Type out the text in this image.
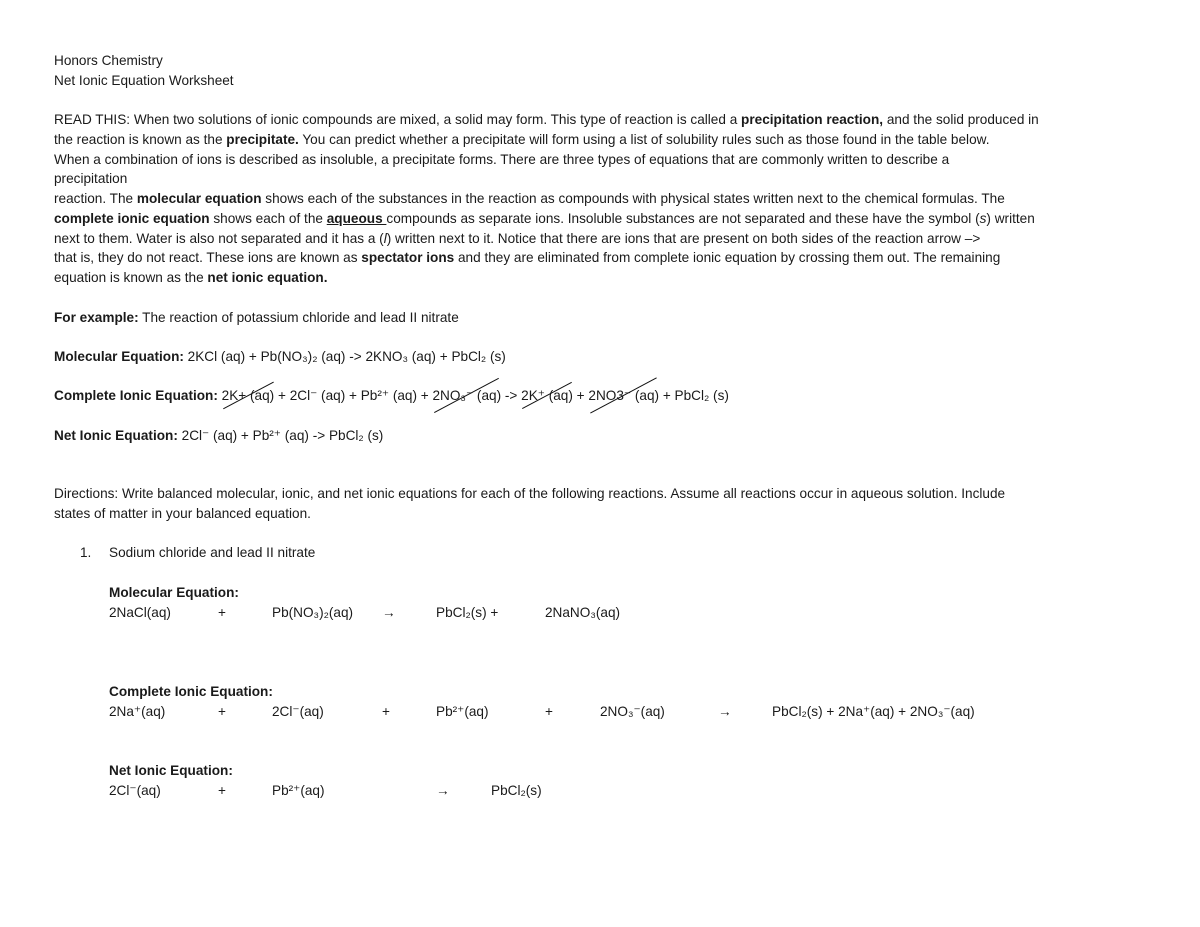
Honors Chemistry
Net Ionic Equation Worksheet
READ THIS: When two solutions of ionic compounds are mixed, a solid may form. This type of reaction is called a precipitation reaction, and the solid produced in
the reaction is known as the precipitate. You can predict whether a precipitate will form using a list of solubility rules such as those found in the table below.
When a combination of ions is described as insoluble, a precipitate forms. There are three types of equations that are commonly written to describe a
precipitation
reaction. The molecular equation shows each of the substances in the reaction as compounds with physical states written next to the chemical formulas. The
complete ionic equation shows each of the aqueous compounds as separate ions. Insoluble substances are not separated and these have the symbol (s) written
next to them. Water is also not separated and it has a (l) written next to it. Notice that there are ions that are present on both sides of the reaction arrow –>
that is, they do not react. These ions are known as spectator ions and they are eliminated from complete ionic equation by crossing them out. The remaining
equation is known as the net ionic equation.
For example: The reaction of potassium chloride and lead II nitrate
Molecular Equation: 2KCl (aq) + Pb(NO₃)₂ (aq) -> 2KNO₃ (aq) + PbCl₂ (s)
Complete Ionic Equation: 2K+ (aq) + 2Cl⁻ (aq) + Pb²⁺ (aq) + 2NO₃⁻ (aq) -> 2K⁺ (aq) + 2NO3⁻ (aq) + PbCl₂ (s)
Net Ionic Equation: 2Cl⁻ (aq) + Pb²⁺ (aq) -> PbCl₂ (s)
Directions: Write balanced molecular, ionic, and net ionic equations for each of the following reactions. Assume all reactions occur in aqueous solution. Include
states of matter in your balanced equation.
1. Sodium chloride and lead II nitrate
Molecular Equation:
2NaCl(aq)	+	Pb(NO₃)₂(aq) →	PbCl₂(s) +	2NaNO₃(aq)
Complete Ionic Equation:
2Na⁺(aq)	+	2Cl⁻(aq)	+	Pb²⁺(aq)	+	2NO₃⁻(aq)	→	PbCl₂(s) + 2Na⁺(aq) + 2NO₃⁻(aq)
Net Ionic Equation:
2Cl⁻(aq)	+	Pb²⁺(aq)	→	PbCl₂(s)
